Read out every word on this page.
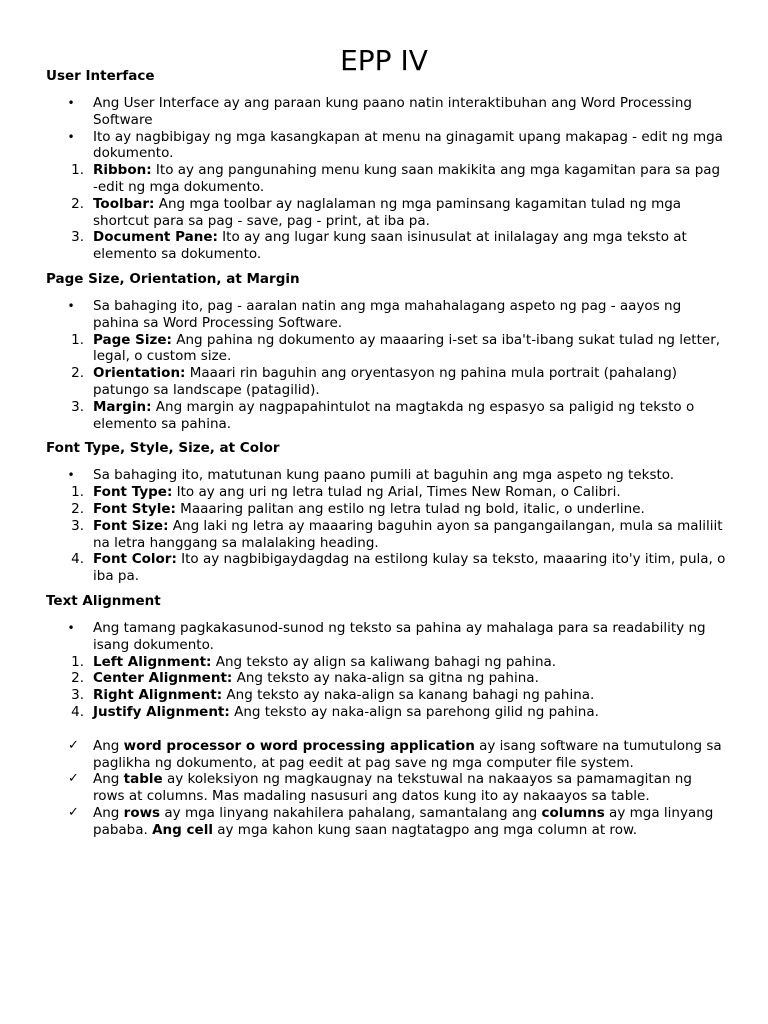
EPP IV
User Interface
• Ang User Interface ay ang paraan kung paano natin interaktibuhan ang Word Processing Software
• Ito ay nagbibigay ng mga kasangkapan at menu na ginagamit upang makapag - edit ng mga dokumento.
1. Ribbon: Ito ay ang pangunahing menu kung saan makikita ang mga kagamitan para sa pag -edit ng mga dokumento.
2. Toolbar: Ang mga toolbar ay naglalaman ng mga paminsang kagamitan tulad ng mga shortcut para sa pag - save, pag - print, at iba pa.
3. Document Pane: Ito ay ang lugar kung saan isinusulat at inilalagay ang mga teksto at elemento sa dokumento.
Page Size, Orientation, at Margin
• Sa bahaging ito, pag - aaralan natin ang mga mahahalagang aspeto ng pag - aayos ng pahina sa Word Processing Software.
1. Page Size: Ang pahina ng dokumento ay maaaring i-set sa iba't-ibang sukat tulad ng letter, legal, o custom size.
2. Orientation: Maaari rin baguhin ang oryentasyon ng pahina mula portrait (pahalang) patungo sa landscape (patagilid).
3. Margin: Ang margin ay nagpapahintulot na magtakda ng espasyo sa paligid ng teksto o elemento sa pahina.
Font Type, Style, Size, at Color
• Sa bahaging ito, matutunan kung paano pumili at baguhin ang mga aspeto ng teksto.
1. Font Type: Ito ay ang uri ng letra tulad ng Arial, Times New Roman, o Calibri.
2. Font Style: Maaaring palitan ang estilo ng letra tulad ng bold, italic, o underline.
3. Font Size: Ang laki ng letra ay maaaring baguhin ayon sa pangangailangan, mula sa maliliit na letra hanggang sa malalaking heading.
4. Font Color: Ito ay nagbibigaydagdag na estilong kulay sa teksto, maaaring ito'y itim, pula, o iba pa.
Text Alignment
• Ang tamang pagkakasunod-sunod ng teksto sa pahina ay mahalaga para sa readability ng isang dokumento.
1. Left Alignment: Ang teksto ay align sa kaliwang bahagi ng pahina.
2. Center Alignment: Ang teksto ay naka-align sa gitna ng pahina.
3. Right Alignment: Ang teksto ay naka-align sa kanang bahagi ng pahina.
4. Justify Alignment: Ang teksto ay naka-align sa parehong gilid ng pahina.
✓ Ang word processor o word processing application ay isang software na tumutulong sa paglikha ng dokumento, at pag eedit at pag save ng mga computer file system.
✓ Ang table ay koleksiyon ng magkaugnay na tekstuwal na nakaayos sa pamamagitan ng rows at columns. Mas madaling nasusuri ang datos kung ito ay nakaayos sa table.
✓ Ang rows ay mga linyang nakahilera pahalang, samantalang ang columns ay mga linyang pababa. Ang cell ay mga kahon kung saan nagtatagpo ang mga column at row.
